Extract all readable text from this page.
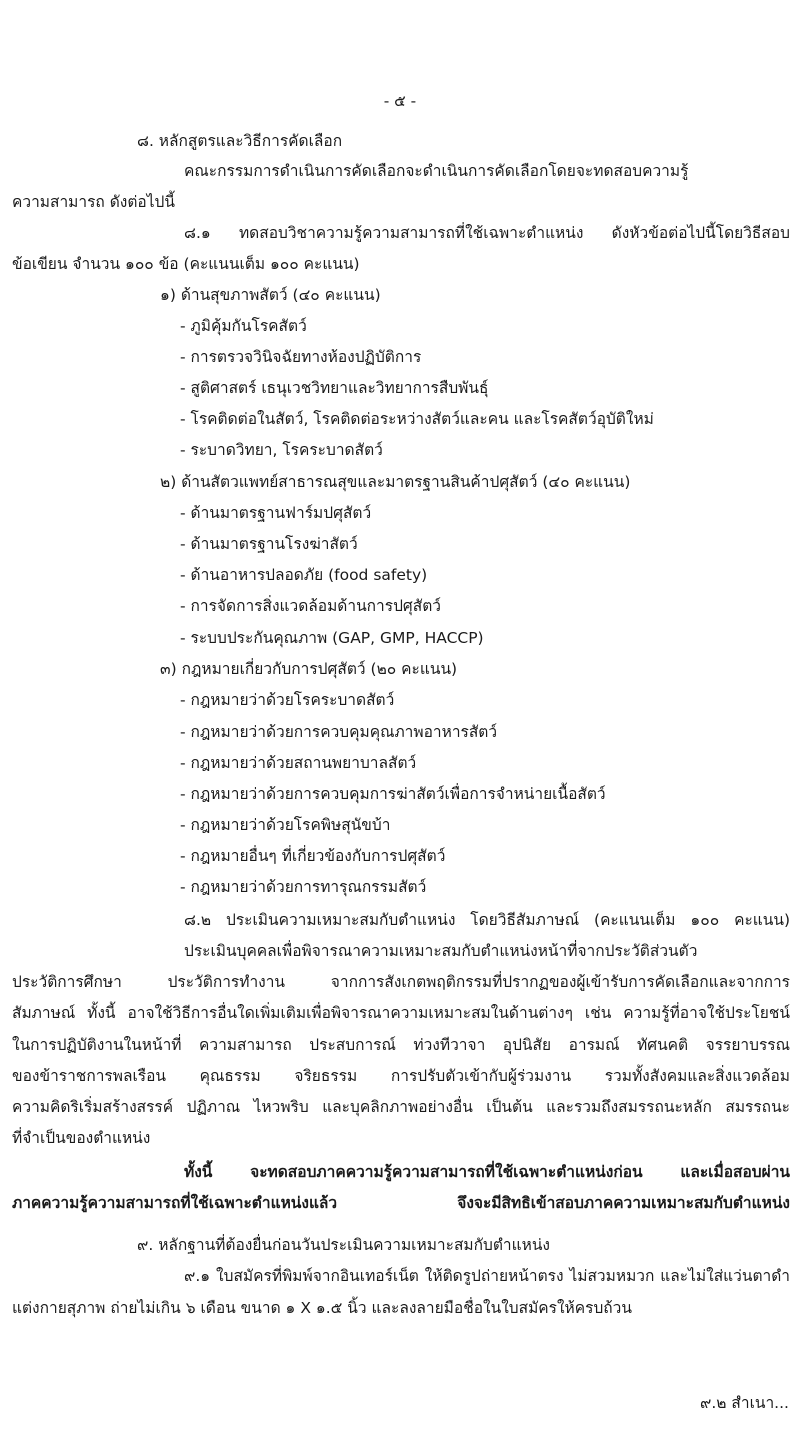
- ๕ -
๘. หลักสูตรและวิธีการคัดเลือก
คณะกรรมการดำเนินการคัดเลือกจะดำเนินการคัดเลือกโดยจะทดสอบความรู้
ความสามารถ ดังต่อไปนี้
๘.๑ ทดสอบวิชาความรู้ความสามารถที่ใช้เฉพาะตำแหน่ง ดังหัวข้อต่อไปนี้โดยวิธีสอบ
ข้อเขียน จำนวน ๑๐๐ ข้อ (คะแนนเต็ม ๑๐๐ คะแนน)
๑) ด้านสุขภาพสัตว์ (๔๐ คะแนน)
- ภูมิคุ้มกันโรคสัตว์
- การตรวจวินิจฉัยทางห้องปฏิบัติการ
- สูติศาสตร์ เธนุเวชวิทยาและวิทยาการสืบพันธุ์
- โรคติดต่อในสัตว์, โรคติดต่อระหว่างสัตว์และคน และโรคสัตว์อุบัติใหม่
- ระบาดวิทยา, โรคระบาดสัตว์
๒) ด้านสัตวแพทย์สาธารณสุขและมาตรฐานสินค้าปศุสัตว์ (๔๐ คะแนน)
- ด้านมาตรฐานฟาร์มปศุสัตว์
- ด้านมาตรฐานโรงฆ่าสัตว์
- ด้านอาหารปลอดภัย (food safety)
- การจัดการสิ่งแวดล้อมด้านการปศุสัตว์
- ระบบประกันคุณภาพ (GAP, GMP, HACCP)
๓) กฎหมายเกี่ยวกับการปศุสัตว์ (๒๐ คะแนน)
- กฎหมายว่าด้วยโรคระบาดสัตว์
- กฎหมายว่าด้วยการควบคุมคุณภาพอาหารสัตว์
- กฎหมายว่าด้วยสถานพยาบาลสัตว์
- กฎหมายว่าด้วยการควบคุมการฆ่าสัตว์เพื่อการจำหน่ายเนื้อสัตว์
- กฎหมายว่าด้วยโรคพิษสุนัขบ้า
- กฎหมายอื่นๆ ที่เกี่ยวข้องกับการปศุสัตว์
- กฎหมายว่าด้วยการทารุณกรรมสัตว์
๘.๒ ประเมินความเหมาะสมกับตำแหน่ง โดยวิธีสัมภาษณ์ (คะแนนเต็ม ๑๐๐ คะแนน)
ประเมินบุคคลเพื่อพิจารณาความเหมาะสมกับตำแหน่งหน้าที่จากประวัติส่วนตัว
ประวัติการศึกษา ประวัติการทำงาน จากการสังเกตพฤติกรรมที่ปรากฏของผู้เข้ารับการคัดเลือกและจากการ
สัมภาษณ์ ทั้งนี้ อาจใช้วิธีการอื่นใดเพิ่มเติมเพื่อพิจารณาความเหมาะสมในด้านต่างๆ เช่น ความรู้ที่อาจใช้ประโยชน์
ในการปฏิบัติงานในหน้าที่ ความสามารถ ประสบการณ์ ท่วงทีวาจา อุปนิสัย อารมณ์ ทัศนคติ จรรยาบรรณ
ของข้าราชการพลเรือน คุณธรรม จริยธรรม การปรับตัวเข้ากับผู้ร่วมงาน รวมทั้งสังคมและสิ่งแวดล้อม
ความคิดริเริ่มสร้างสรรค์ ปฏิภาณ ไหวพริบ และบุคลิกภาพอย่างอื่น เป็นต้น และรวมถึงสมรรถนะหลัก สมรรถนะ
ที่จำเป็นของตำแหน่ง
ทั้งนี้ จะทดสอบภาคความรู้ความสามารถที่ใช้เฉพาะตำแหน่งก่อน และเมื่อสอบผ่าน
ภาคความรู้ความสามารถที่ใช้เฉพาะตำแหน่งแล้ว จึงจะมีสิทธิเข้าสอบภาคความเหมาะสมกับตำแหน่ง
๙. หลักฐานที่ต้องยื่นก่อนวันประเมินความเหมาะสมกับตำแหน่ง
๙.๑ ใบสมัครที่พิมพ์จากอินเทอร์เน็ต ให้ติดรูปถ่ายหน้าตรง ไม่สวมหมวก และไม่ใส่แว่นตาดำ
แต่งกายสุภาพ ถ่ายไม่เกิน ๖ เดือน ขนาด ๑ X ๑.๕ นิ้ว และลงลายมือชื่อในใบสมัครให้ครบถ้วน
๙.๒ สำเนา...
